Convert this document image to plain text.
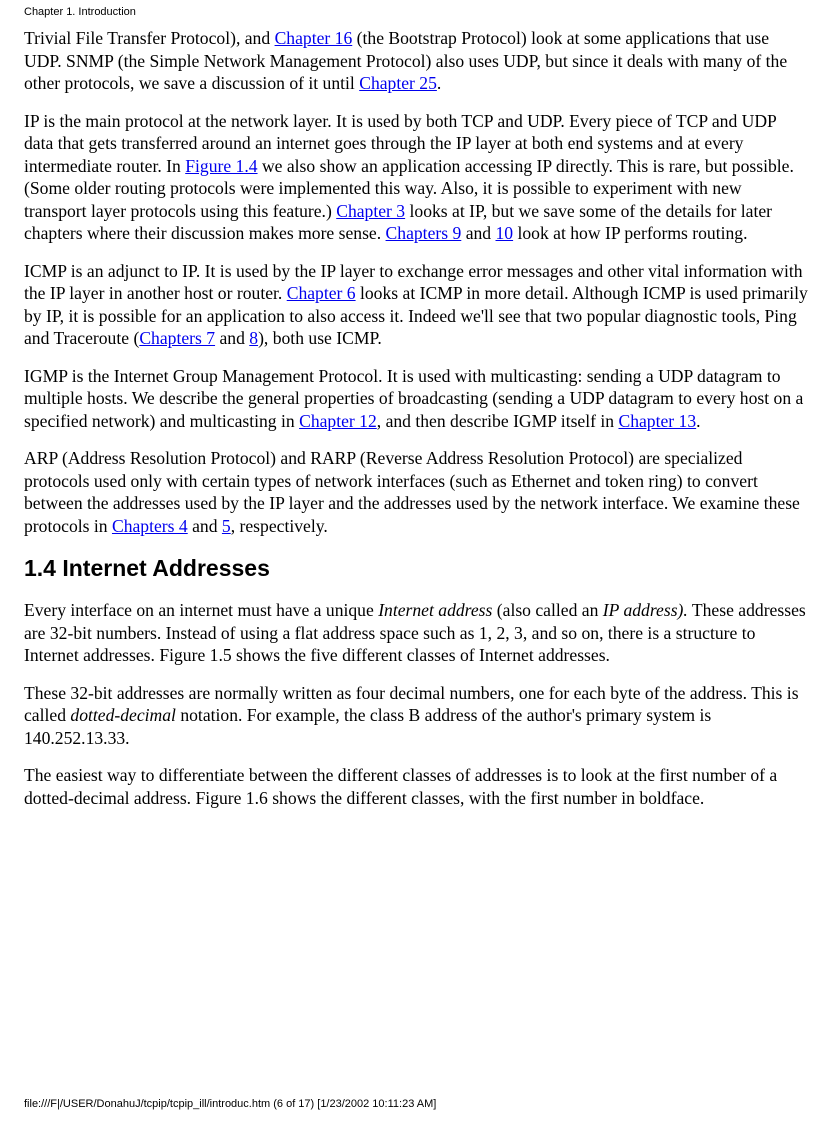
Chapter 1. Introduction

Trivial File Transfer Protocol), and Chapter 16 (the Bootstrap Protocol) look at some applications that use UDP. SNMP (the Simple Network Management Protocol) also uses UDP, but since it deals with many of the other protocols, we save a discussion of it until Chapter 25.

IP is the main protocol at the network layer. It is used by both TCP and UDP. Every piece of TCP and UDP data that gets transferred around an internet goes through the IP layer at both end systems and at every intermediate router. In Figure 1.4 we also show an application accessing IP directly. This is rare, but possible. (Some older routing protocols were implemented this way. Also, it is possible to experiment with new transport layer protocols using this feature.) Chapter 3 looks at IP, but we save some of the details for later chapters where their discussion makes more sense. Chapters 9 and 10 look at how IP performs routing.

ICMP is an adjunct to IP. It is used by the IP layer to exchange error messages and other vital information with the IP layer in another host or router. Chapter 6 looks at ICMP in more detail. Although ICMP is used primarily by IP, it is possible for an application to also access it. Indeed we'll see that two popular diagnostic tools, Ping and Traceroute (Chapters 7 and 8), both use ICMP.

IGMP is the Internet Group Management Protocol. It is used with multicasting: sending a UDP datagram to multiple hosts. We describe the general properties of broadcasting (sending a UDP datagram to every host on a specified network) and multicasting in Chapter 12, and then describe IGMP itself in Chapter 13.

ARP (Address Resolution Protocol) and RARP (Reverse Address Resolution Protocol) are specialized protocols used only with certain types of network interfaces (such as Ethernet and token ring) to convert between the addresses used by the IP layer and the addresses used by the network interface. We examine these protocols in Chapters 4 and 5, respectively.

1.4 Internet Addresses

Every interface on an internet must have a unique Internet address (also called an IP address). These addresses are 32-bit numbers. Instead of using a flat address space such as 1, 2, 3, and so on, there is a structure to Internet addresses. Figure 1.5 shows the five different classes of Internet addresses.

These 32-bit addresses are normally written as four decimal numbers, one for each byte of the address. This is called dotted-decimal notation. For example, the class B address of the author's primary system is 140.252.13.33.

The easiest way to differentiate between the different classes of addresses is to look at the first number of a dotted-decimal address. Figure 1.6 shows the different classes, with the first number in boldface.

file:///F|/USER/DonahuJ/tcpip/tcpip_ill/introduc.htm (6 of 17) [1/23/2002 10:11:23 AM]
